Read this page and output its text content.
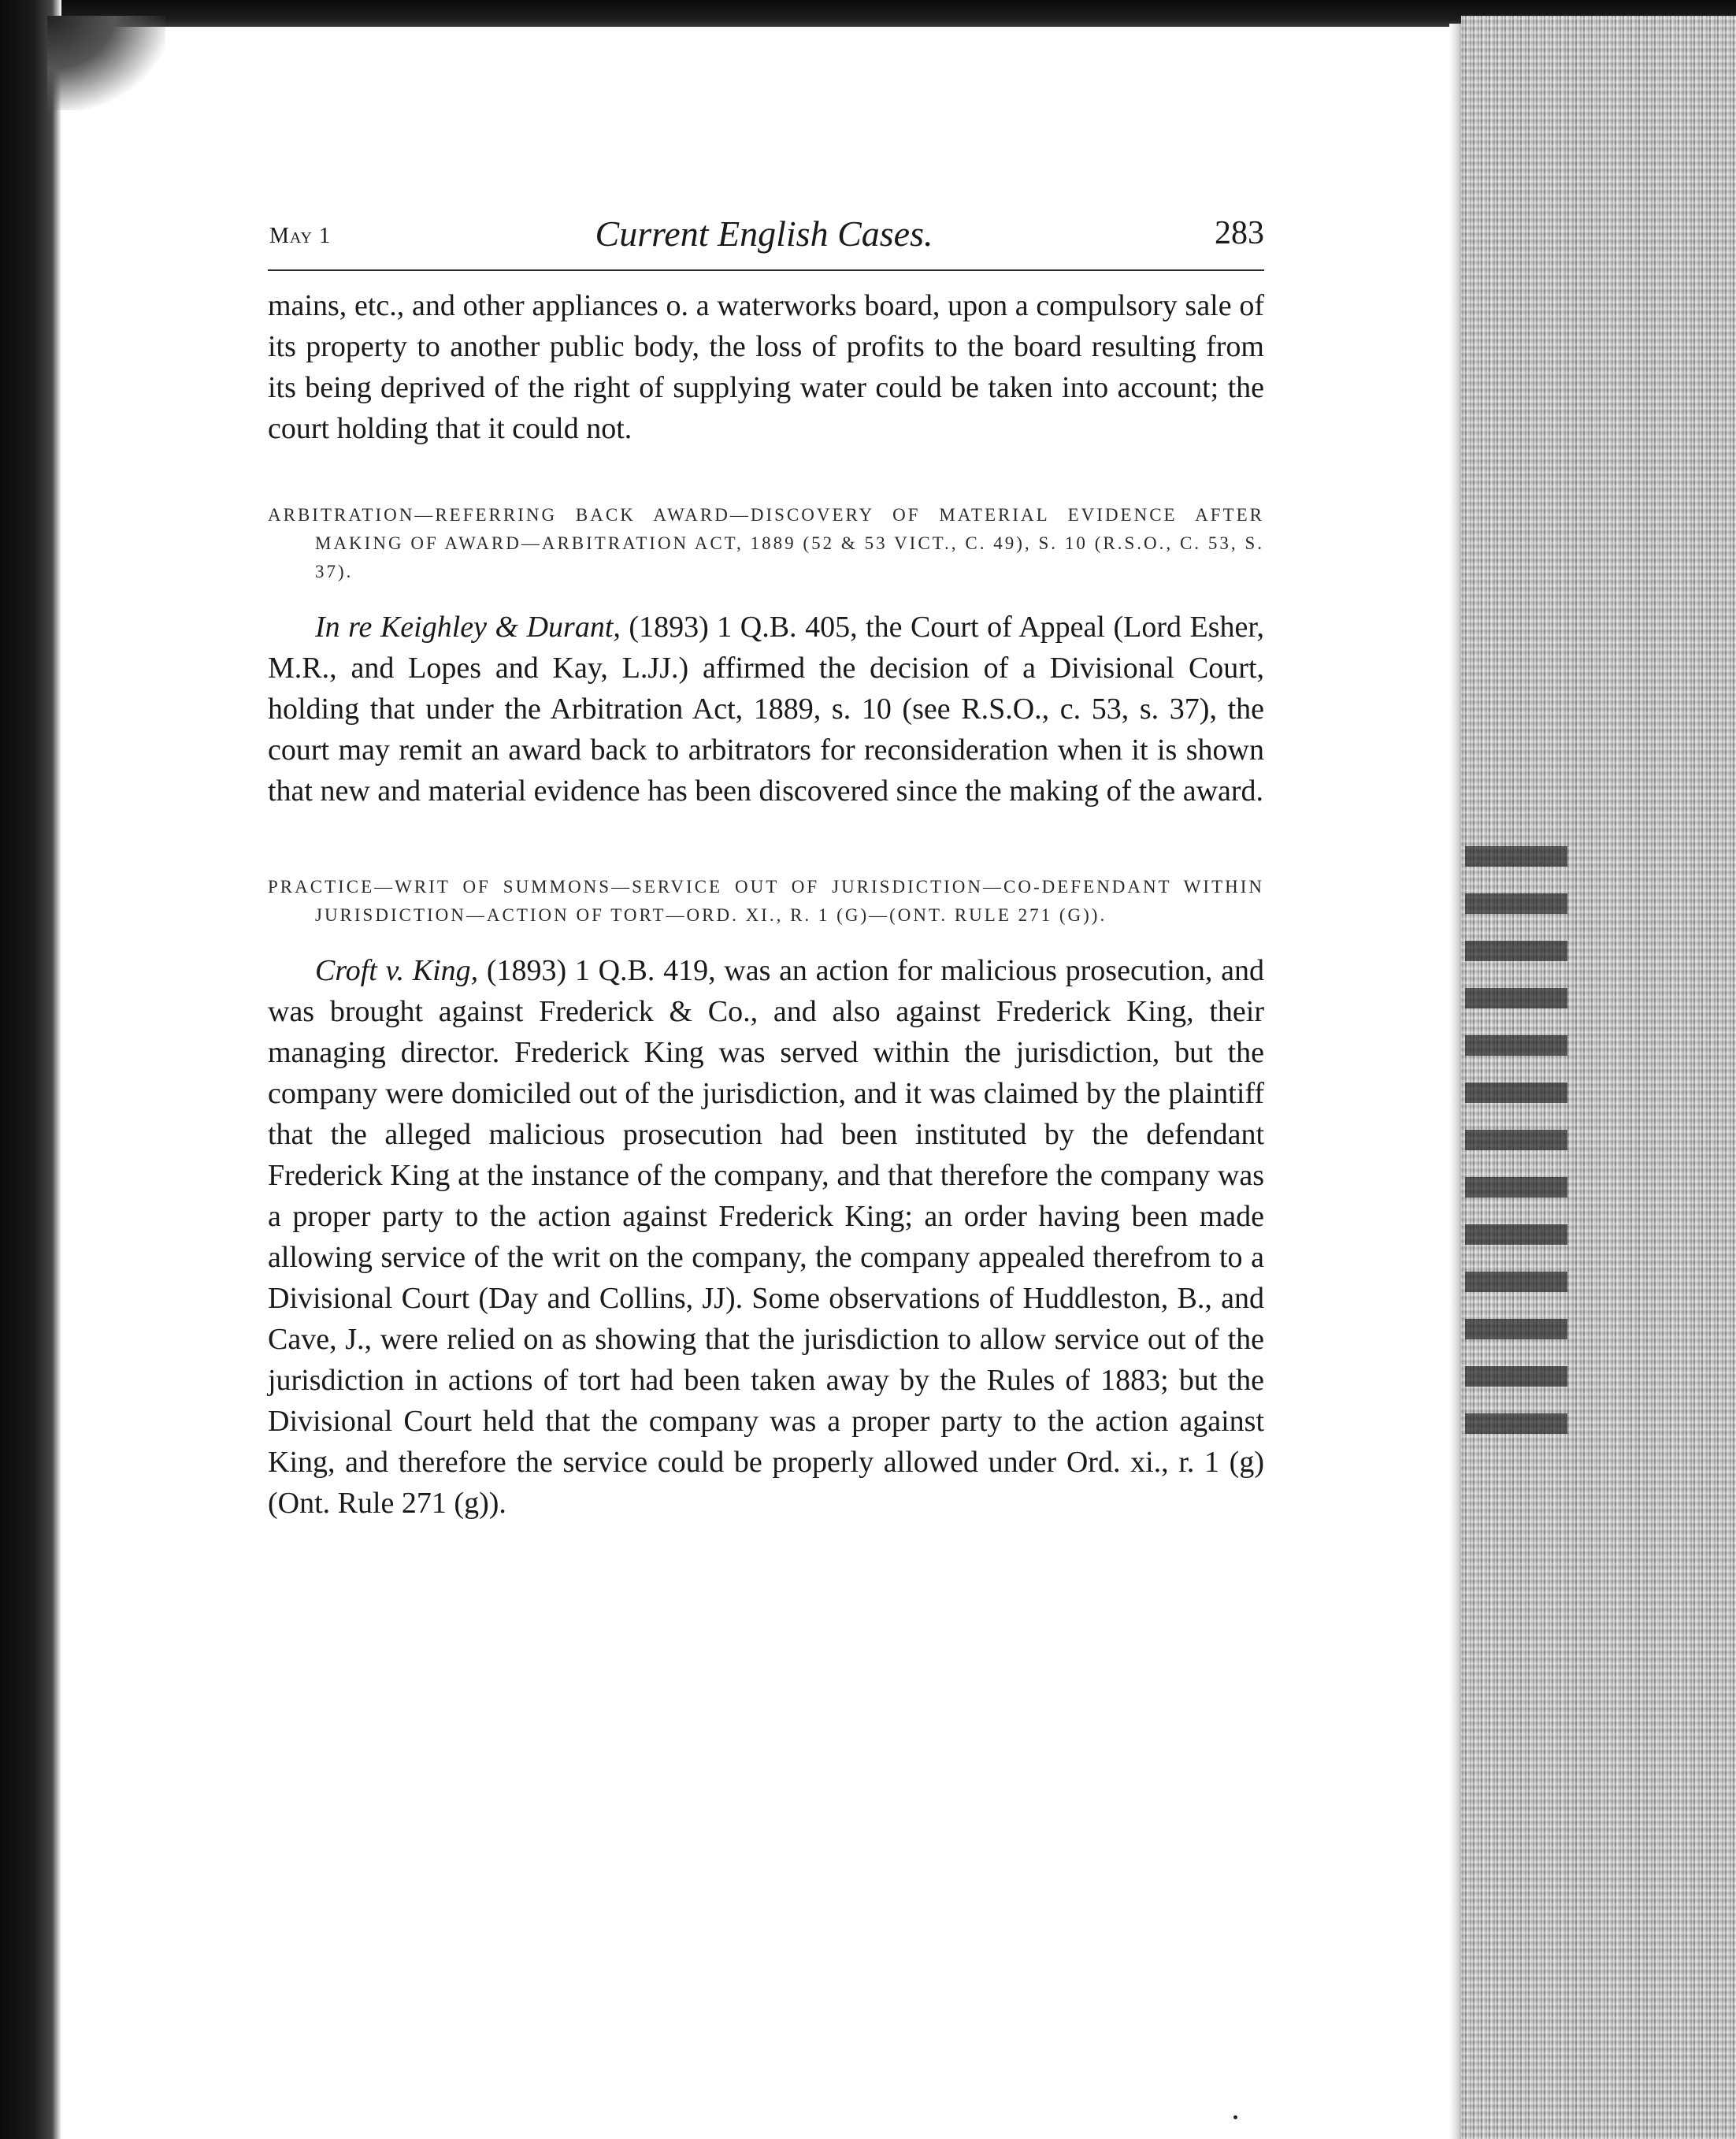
May 1	Current English Cases.	283

mains, etc., and other appliances o. a waterworks board, upon a compulsory sale of its property to another public body, the loss of profits to the board resulting from its being deprived of the right of supplying water could be taken into account; the court holding that it could not.

ARBITRATION—REFERRING BACK AWARD—DISCOVERY OF MATERIAL EVIDENCE AFTER MAKING OF AWARD—ARBITRATION ACT, 1889 (52 & 53 VICT., C. 49), S. 10 (R.S.O., C. 53, S. 37).

In re Keighley & Durant, (1893) 1 Q.B. 405, the Court of Appeal (Lord Esher, M.R., and Lopes and Kay, L.JJ.) affirmed the decision of a Divisional Court, holding that under the Arbitration Act, 1889, s. 10 (see R.S.O., c. 53, s. 37), the court may remit an award back to arbitrators for reconsideration when it is shown that new and material evidence has been discovered since the making of the award.

PRACTICE—WRIT OF SUMMONS—SERVICE OUT OF JURISDICTION—CO-DEFENDANT WITHIN JURISDICTION—ACTION OF TORT—ORD. XI., R. 1 (G)—(ONT. RULE 271 (G)).

Croft v. King, (1893) 1 Q.B. 419, was an action for malicious prosecution, and was brought against Frederick & Co., and also against Frederick King, their managing director. Frederick King was served within the jurisdiction, but the company were domiciled out of the jurisdiction, and it was claimed by the plaintiff that the alleged malicious prosecution had been instituted by the defendant Frederick King at the instance of the company, and that therefore the company was a proper party to the action against Frederick King; an order having been made allowing service of the writ on the company, the company appealed therefrom to a Divisional Court (Day and Collins, JJ). Some observations of Huddleston, B., and Cave, J., were relied on as showing that the jurisdiction to allow service out of the jurisdiction in actions of tort had been taken away by the Rules of 1883; but the Divisional Court held that the company was a proper party to the action against King, and therefore the service could be properly allowed under Ord. xi., r. 1 (g) (Ont. Rule 271 (g)).
